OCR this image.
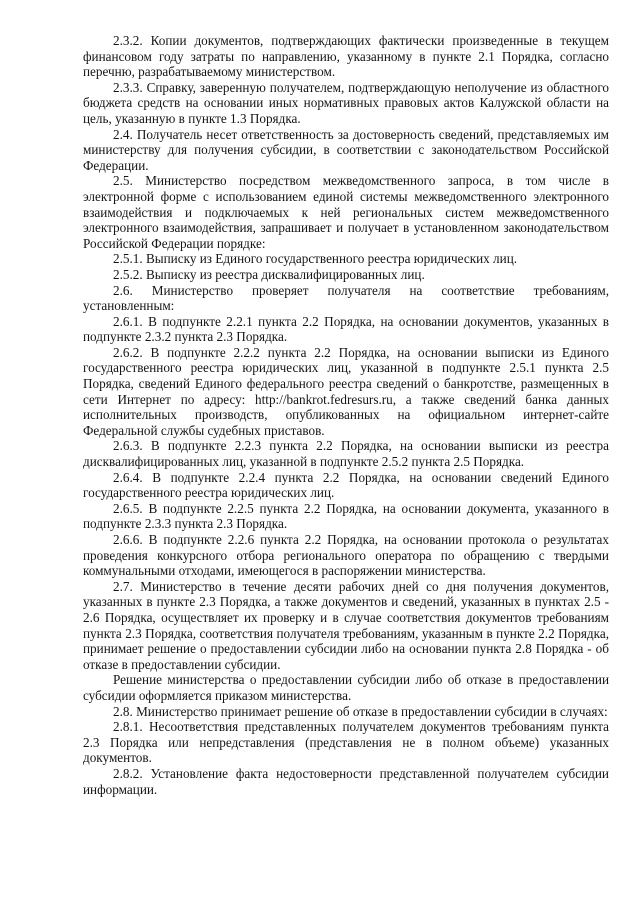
2.3.2. Копии документов, подтверждающих фактически произведенные в текущем финансовом году затраты по направлению, указанному в пункте 2.1 Порядка, согласно перечню, разрабатываемому министерством.

2.3.3. Справку, заверенную получателем, подтверждающую неполучение из областного бюджета средств на основании иных нормативных правовых актов Калужской области на цель, указанную в пункте 1.3 Порядка.

2.4. Получатель несет ответственность за достоверность сведений, представляемых им министерству для получения субсидии, в соответствии с законодательством Российской Федерации.

2.5. Министерство посредством межведомственного запроса, в том числе в электронной форме с использованием единой системы межведомственного электронного взаимодействия и подключаемых к ней региональных систем межведомственного электронного взаимодействия, запрашивает и получает в установленном законодательством Российской Федерации порядке:

2.5.1. Выписку из Единого государственного реестра юридических лиц.

2.5.2. Выписку из реестра дисквалифицированных лиц.

2.6. Министерство проверяет получателя на соответствие требованиям, установленным:

2.6.1. В подпункте 2.2.1 пункта 2.2 Порядка, на основании документов, указанных в подпункте 2.3.2 пункта 2.3 Порядка.

2.6.2. В подпункте 2.2.2 пункта 2.2 Порядка, на основании выписки из Единого государственного реестра юридических лиц, указанной в подпункте 2.5.1 пункта 2.5 Порядка, сведений Единого федерального реестра сведений о банкротстве, размещенных в сети Интернет по адресу: http://bankrot.fedresurs.ru, а также сведений банка данных исполнительных производств, опубликованных на официальном интернет-сайте Федеральной службы судебных приставов.

2.6.3. В подпункте 2.2.3 пункта 2.2 Порядка, на основании выписки из реестра дисквалифицированных лиц, указанной в подпункте 2.5.2 пункта 2.5 Порядка.

2.6.4. В подпункте 2.2.4 пункта 2.2 Порядка, на основании сведений Единого государственного реестра юридических лиц.

2.6.5. В подпункте 2.2.5 пункта 2.2 Порядка, на основании документа, указанного в подпункте 2.3.3 пункта 2.3 Порядка.

2.6.6. В подпункте 2.2.6 пункта 2.2 Порядка, на основании протокола о результатах проведения конкурсного отбора регионального оператора по обращению с твердыми коммунальными отходами, имеющегося в распоряжении министерства.

2.7. Министерство в течение десяти рабочих дней со дня получения документов, указанных в пункте 2.3 Порядка, а также документов и сведений, указанных в пунктах 2.5 - 2.6 Порядка, осуществляет их проверку и в случае соответствия документов требованиям пункта 2.3 Порядка, соответствия получателя требованиям, указанным в пункте 2.2 Порядка, принимает решение о предоставлении субсидии либо на основании пункта 2.8 Порядка - об отказе в предоставлении субсидии.

Решение министерства о предоставлении субсидии либо об отказе в предоставлении субсидии оформляется приказом министерства.

2.8. Министерство принимает решение об отказе в предоставлении субсидии в случаях:

2.8.1. Несоответствия представленных получателем документов требованиям пункта 2.3 Порядка или непредставления (представления не в полном объеме) указанных документов.

2.8.2. Установление факта недостоверности представленной получателем субсидии информации.
